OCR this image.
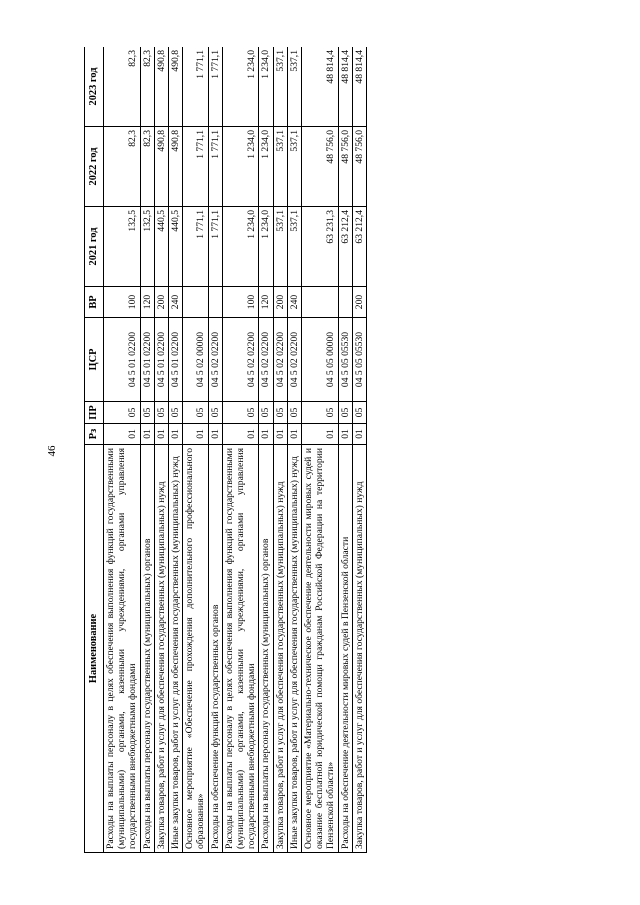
46
Наименование	Рз	ПР	ЦСР	ВР	2021 год	2022 год	2023 год
Расходы на выплаты персоналу в целях обеспечения выполнения функций государственными (муниципальными) органами, казенными учреждениями, органами управления государственными внебюджетными фондами	01	05	04 5 01 02200	100	132,5	82,3	82,3
Расходы на выплаты персоналу государственных (муниципальных) органов	01	05	04 5 01 02200	120	132,5	82,3	82,3
Закупка товаров, работ и услуг для обеспечения государственных (муниципальных) нужд	01	05	04 5 01 02200	200	440,5	490,8	490,8
Иные закупки товаров, работ и услуг для обеспечения государственных (муниципальных) нужд	01	05	04 5 01 02200	240	440,5	490,8	490,8
Основное мероприятие «Обеспечение прохождения дополнительного профессионального образования»	01	05	04 5 02 00000		1 771,1	1 771,1	1 771,1
Расходы на обеспечение функций государственных органов	01	05	04 5 02 02200		1 771,1	1 771,1	1 771,1
Расходы на выплаты персоналу в целях обеспечения выполнения функций государственными (муниципальными) органами, казенными учреждениями, органами управления государственными внебюджетными фондами	01	05	04 5 02 02200	100	1 234,0	1 234,0	1 234,0
Расходы на выплаты персоналу государственных (муниципальных) органов	01	05	04 5 02 02200	120	1 234,0	1 234,0	1 234,0
Закупка товаров, работ и услуг для обеспечения государственных (муниципальных) нужд	01	05	04 5 02 02200	200	537,1	537,1	537,1
Иные закупки товаров, работ и услуг для обеспечения государственных (муниципальных) нужд	01	05	04 5 02 02200	240	537,1	537,1	537,1
Основное мероприятие «Материально-техническое обеспечение деятельности мировых судей и оказание бесплатной юридической помощи гражданам Российской Федерации на территории Пензенской области»	01	05	04 5 05 00000		63 231,3	48 756,0	48 814,4
Расходы на обеспечение деятельности мировых судей в Пензенской области	01	05	04 5 05 05530		63 212,4	48 756,0	48 814,4
Закупка товаров, работ и услуг для обеспечения государственных (муниципальных) нужд	01	05	04 5 05 05530	200	63 212,4	48 756,0	48 814,4
